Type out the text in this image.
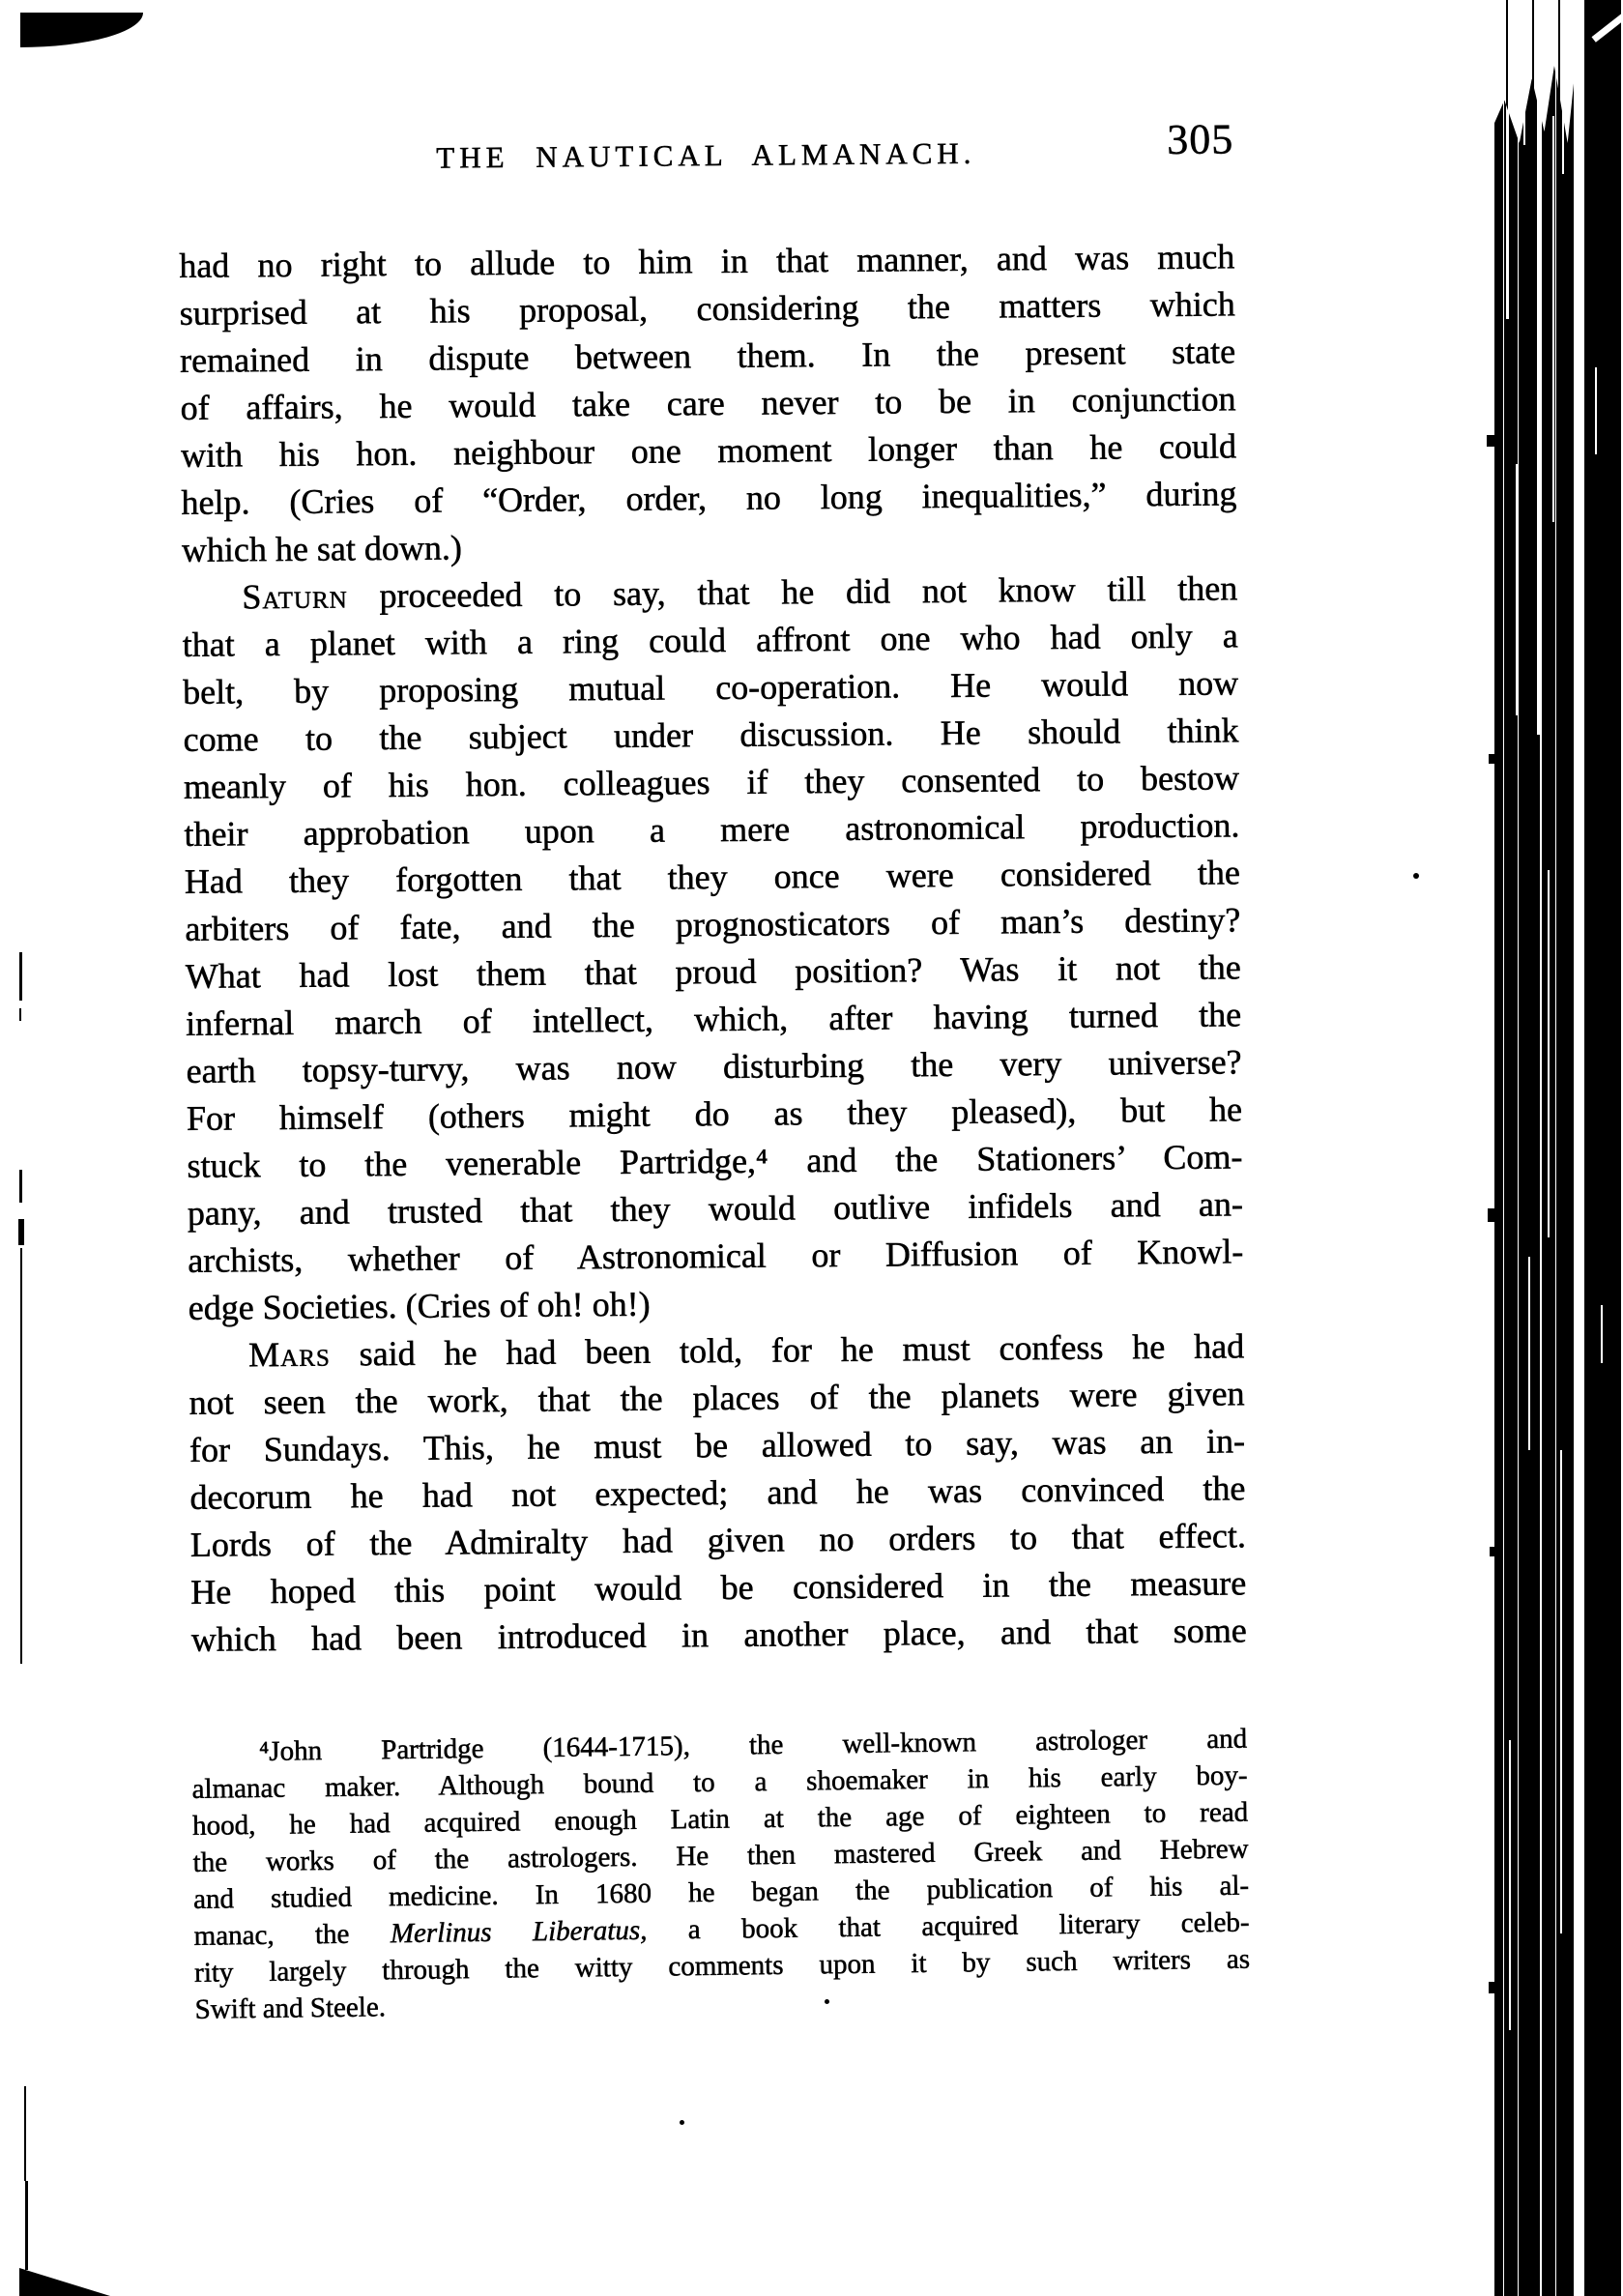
THE NAUTICAL ALMANACH.	305
had no right to allude to him in that manner, and was much
surprised at his proposal, considering the matters which
remained in dispute between them. In the present state
of affairs, he would take care never to be in conjunction
with his hon. neighbour one moment longer than he could
help. (Cries of “Order, order, no long inequalities,” during
which he sat down.)
Saturn proceeded to say, that he did not know till then
that a planet with a ring could affront one who had only a
belt, by proposing mutual co-operation. He would now
come to the subject under discussion. He should think
meanly of his hon. colleagues if they consented to bestow
their approbation upon a mere astronomical production.
Had they forgotten that they once were considered the
arbiters of fate, and the prognosticators of man’s destiny?
What had lost them that proud position? Was it not the
infernal march of intellect, which, after having turned the
earth topsy-turvy, was now disturbing the very universe?
For himself (others might do as they pleased), but he
stuck to the venerable Partridge,⁴ and the Stationers’ Com-
pany, and trusted that they would outlive infidels and an-
archists, whether of Astronomical or Diffusion of Knowl-
edge Societies. (Cries of oh! oh!)
Mars said he had been told, for he must confess he had
not seen the work, that the places of the planets were given
for Sundays. This, he must be allowed to say, was an in-
decorum he had not expected; and he was convinced the
Lords of the Admiralty had given no orders to that effect.
He hoped this point would be considered in the measure
which had been introduced in another place, and that some
⁴John Partridge (1644-1715), the well-known astrologer and
almanac maker. Although bound to a shoemaker in his early boy-
hood, he had acquired enough Latin at the age of eighteen to read
the works of the astrologers. He then mastered Greek and Hebrew
and studied medicine. In 1680 he began the publication of his al-
manac, the Merlinus Liberatus, a book that acquired literary celeb-
rity largely through the witty comments upon it by such writers as
Swift and Steele.
